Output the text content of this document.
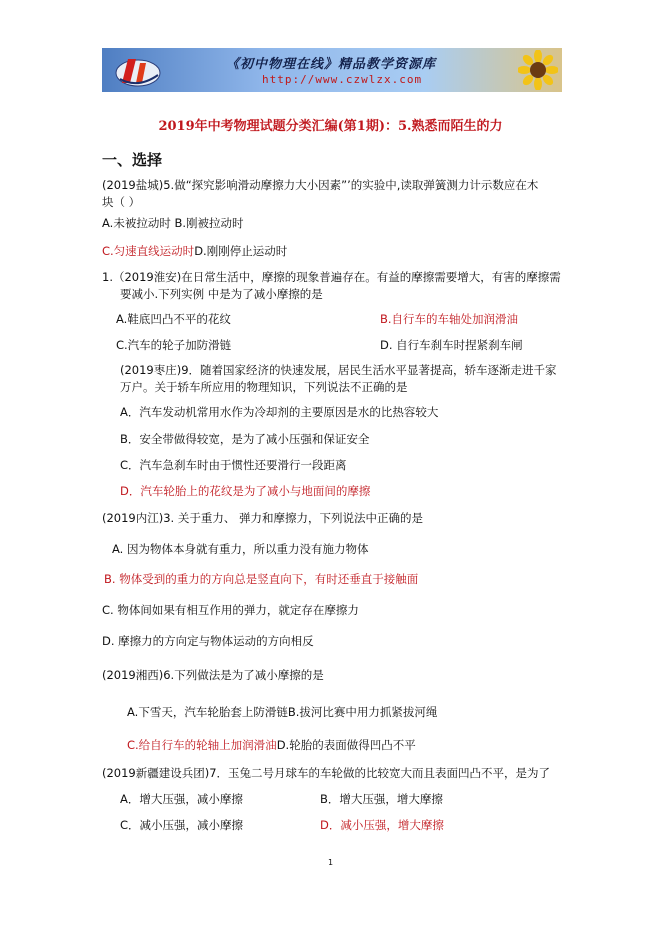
《初中物理在线》精品教学资源库
http://www.czwlzx.com
2019年中考物理试题分类汇编(第1期)：5.熟悉而陌生的力
一、选择
(2019盐城)5.做“探究影响滑动摩擦力大小因素”’的实验中,读取弹簧测力计示数应在木
块（ ）
A.未被拉动时 B.刚被拉动时
C.匀速直线运动时D.刚刚停止运动时
1.（2019淮安)在日常生活中，摩擦的现象普遍存在。有益的摩擦需要增大，有害的摩擦需
要减小.下列实例 中是为了减小摩擦的是
A.鞋底凹凸不平的花纹	B.自行车的车轴处加润滑油
C.汽车的轮子加防滑链	D. 自行车刹车时捏紧刹车闸
(2019枣庄)9．随着国家经济的快速发展，居民生活水平显著提高，轿车逐渐走进千家
万户。关于轿车所应用的物理知识，下列说法不正确的是
A．汽车发动机常用水作为冷却剂的主要原因是水的比热容较大
B．安全带做得较宽，是为了减小压强和保证安全
C．汽车急刹车时由于惯性还要滑行一段距离
D．汽车轮胎上的花纹是为了减小与地面间的摩擦
(2019内江)3. 关于重力、 弹力和摩擦力，下列说法中正确的是
A. 因为物体本身就有重力，所以重力没有施力物体
B. 物体受到的重力的方向总是竖直向下，有时还垂直于接触面
C. 物体间如果有相互作用的弹力，就定存在摩擦力
D. 摩擦力的方向定与物体运动的方向相反
(2019湘西)6.下列做法是为了减小摩擦的是
A.下雪天，汽车轮胎套上防滑链B.拔河比赛中用力抓紧拔河绳
C.给自行车的轮轴上加润滑油D.轮胎的表面做得凹凸不平
(2019新疆建设兵团)7．玉兔二号月球车的车轮做的比较宽大而且表面凹凸不平，是为了
A．增大压强，减小摩擦	B．增大压强，增大摩擦
C．减小压强，减小摩擦	D．减小压强，增大摩擦
1
